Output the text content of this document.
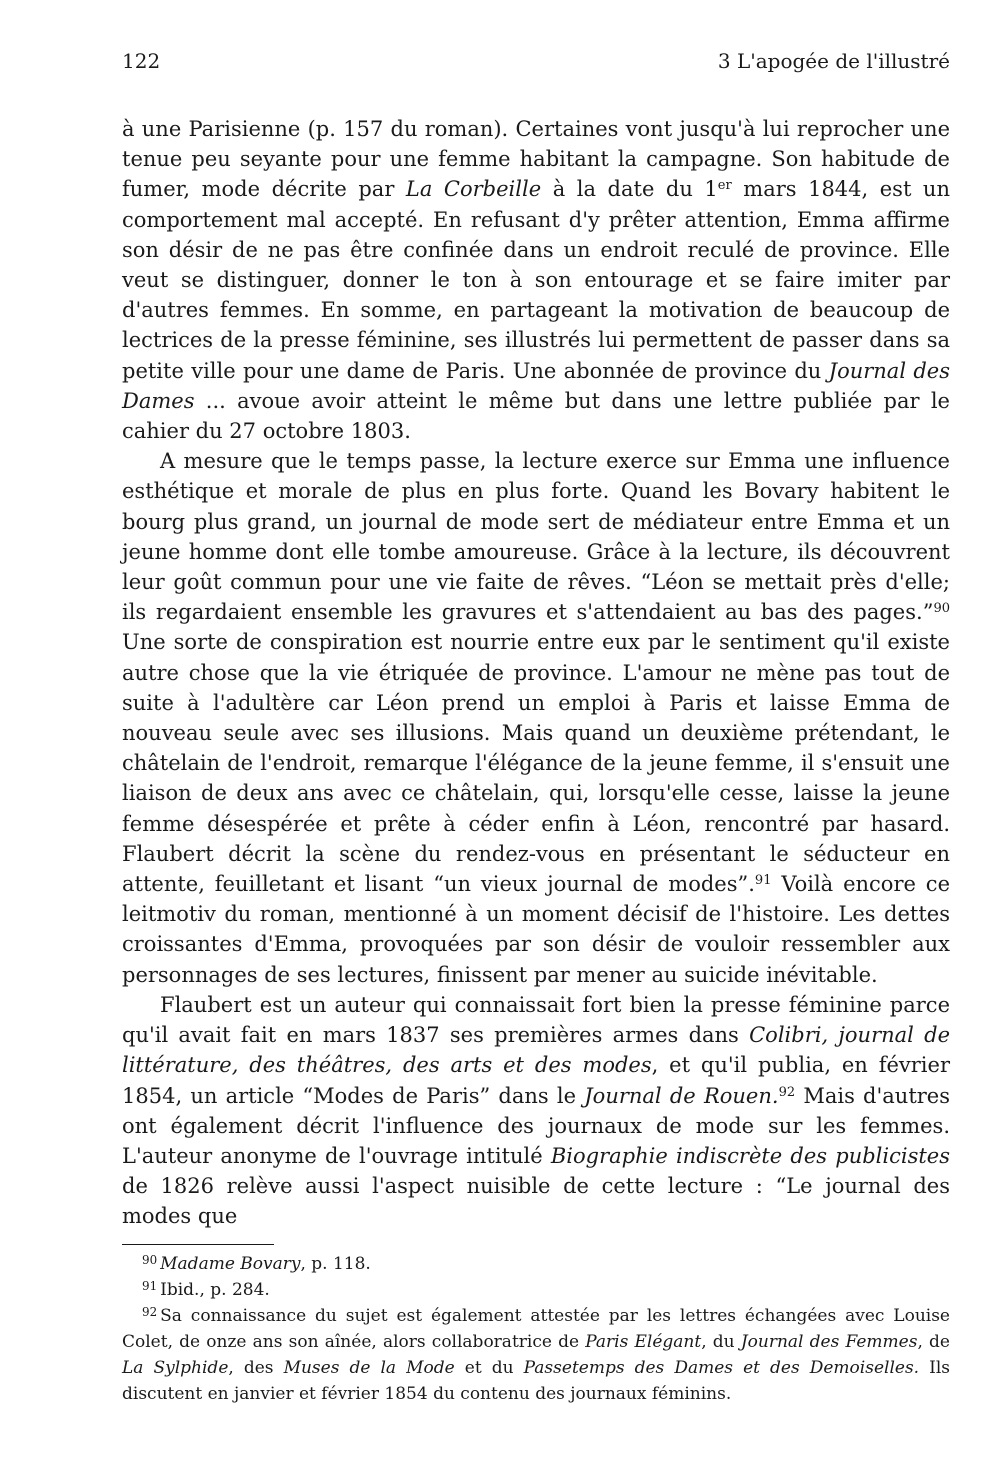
122	3 L'apogée de l'illustré

à une Parisienne (p. 157 du roman). Certaines vont jusqu'à lui reprocher une tenue peu seyante pour une femme habitant la campagne. Son habitude de fumer, mode décrite par La Corbeille à la date du 1er mars 1844, est un comportement mal accepté. En refusant d'y prêter attention, Emma affirme son désir de ne pas être confinée dans un endroit reculé de province. Elle veut se distinguer, donner le ton à son entourage et se faire imiter par d'autres femmes. En somme, en partageant la motivation de beaucoup de lectrices de la presse féminine, ses illustrés lui permettent de passer dans sa petite ville pour une dame de Paris. Une abonnée de province du Journal des Dames ... avoue avoir atteint le même but dans une lettre publiée par le cahier du 27 octobre 1803.

A mesure que le temps passe, la lecture exerce sur Emma une influence esthétique et morale de plus en plus forte. Quand les Bovary habitent le bourg plus grand, un journal de mode sert de médiateur entre Emma et un jeune homme dont elle tombe amoureuse. Grâce à la lecture, ils découvrent leur goût commun pour une vie faite de rêves. “Léon se mettait près d'elle; ils regardaient ensemble les gravures et s'attendaient au bas des pages.”$^{90}$ Une sorte de conspiration est nourrie entre eux par le sentiment qu'il existe autre chose que la vie étriquée de province. L'amour ne mène pas tout de suite à l'adultère car Léon prend un emploi à Paris et laisse Emma de nouveau seule avec ses illusions. Mais quand un deuxième prétendant, le châtelain de l'endroit, remarque l'élégance de la jeune femme, il s'ensuit une liaison de deux ans avec ce châtelain, qui, lorsqu'elle cesse, laisse la jeune femme désespérée et prête à céder enfin à Léon, rencontré par hasard. Flaubert décrit la scène du rendez-vous en présentant le séducteur en attente, feuilletant et lisant “un vieux journal de modes”.$^{91}$ Voilà encore ce leitmotiv du roman, mentionné à un moment décisif de l'histoire. Les dettes croissantes d'Emma, provoquées par son désir de vouloir ressembler aux personnages de ses lectures, finissent par mener au suicide inévitable.

Flaubert est un auteur qui connaissait fort bien la presse féminine parce qu'il avait fait en mars 1837 ses premières armes dans Colibri, journal de littérature, des théâtres, des arts et des modes, et qu'il publia, en février 1854, un article “Modes de Paris” dans le Journal de Rouen.$^{92}$ Mais d'autres ont également décrit l'influence des journaux de mode sur les femmes. L'auteur anonyme de l'ouvrage intitulé Biographie indiscrète des publicistes de 1826 relève aussi l'aspect nuisible de cette lecture : “Le journal des modes que

$^{90}$ Madame Bovary, p. 118.

$^{91}$ Ibid., p. 284.

$^{92}$ Sa connaissance du sujet est également attestée par les lettres échangées avec Louise Colet, de onze ans son aînée, alors collaboratrice de Paris Elégant, du Journal des Femmes, de La Sylphide, des Muses de la Mode et du Passetemps des Dames et des Demoiselles. Ils discutent en janvier et février 1854 du contenu des journaux féminins.
